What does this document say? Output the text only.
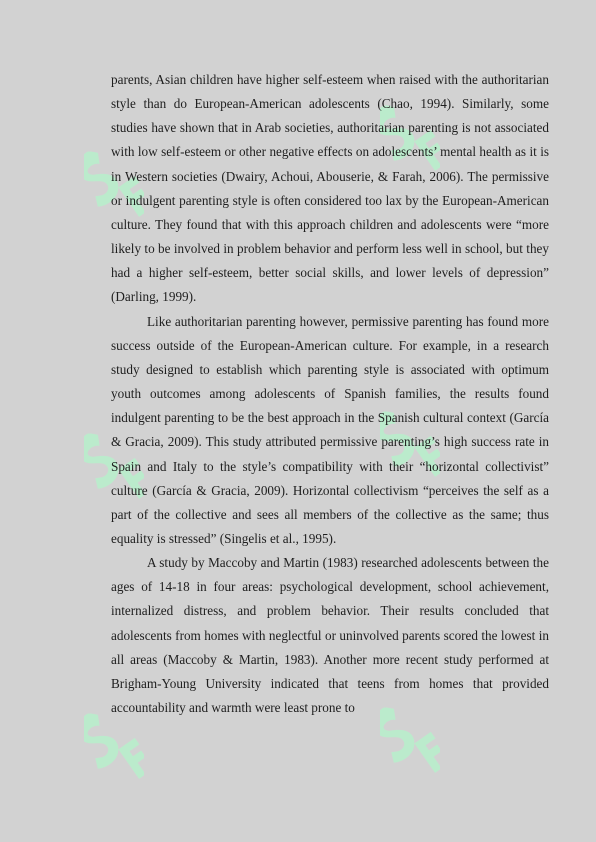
parents, Asian children have higher self-esteem when raised with the authoritarian style than do European-American adolescents (Chao, 1994). Similarly, some studies have shown that in Arab societies, authoritarian parenting is not associated with low self-esteem or other negative effects on adolescents’ mental health as it is in Western societies (Dwairy, Achoui, Abouserie, & Farah, 2006). The permissive or indulgent parenting style is often considered too lax by the European-American culture. They found that with this approach children and adolescents were “more likely to be involved in problem behavior and perform less well in school, but they had a higher self-esteem, better social skills, and lower levels of depression” (Darling, 1999).

Like authoritarian parenting however, permissive parenting has found more success outside of the European-American culture. For example, in a research study designed to establish which parenting style is associated with optimum youth outcomes among adolescents of Spanish families, the results found indulgent parenting to be the best approach in the Spanish cultural context (García & Gracia, 2009). This study attributed permissive parenting’s high success rate in Spain and Italy to the style’s compatibility with their “horizontal collectivist” culture (García & Gracia, 2009). Horizontal collectivism “perceives the self as a part of the collective and sees all members of the collective as the same; thus equality is stressed” (Singelis et al., 1995).

A study by Maccoby and Martin (1983) researched adolescents between the ages of 14-18 in four areas: psychological development, school achievement, internalized distress, and problem behavior. Their results concluded that adolescents from homes with neglectful or uninvolved parents scored the lowest in all areas (Maccoby & Martin, 1983). Another more recent study performed at Brigham-Young University indicated that teens from homes that provided accountability and warmth were least prone to
